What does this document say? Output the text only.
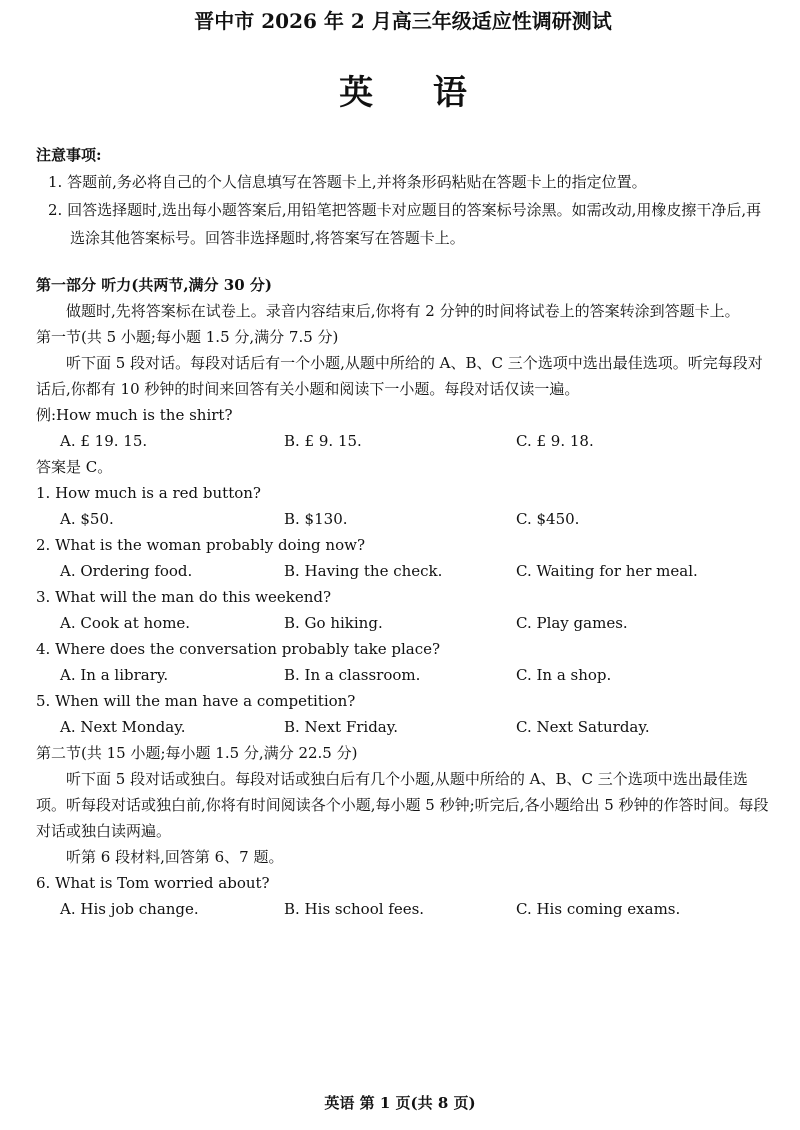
晋中市 2026 年 2 月高三年级适应性调研测试
英 语
注意事项:
1. 答题前,务必将自己的个人信息填写在答题卡上,并将条形码粘贴在答题卡上的指定位置。
2. 回答选择题时,选出每小题答案后,用铅笔把答题卡对应题目的答案标号涂黑。如需改动,用橡皮擦干净后,再选涂其他答案标号。回答非选择题时,将答案写在答题卡上。
第一部分 听力(共两节,满分 30 分)
做题时,先将答案标在试卷上。录音内容结束后,你将有 2 分钟的时间将试卷上的答案转涂到答题卡上。
第一节(共 5 小题;每小题 1.5 分,满分 7.5 分)
听下面 5 段对话。每段对话后有一个小题,从题中所给的 A、B、C 三个选项中选出最佳选项。听完每段对话后,你都有 10 秒钟的时间来回答有关小题和阅读下一小题。每段对话仅读一遍。
例:How much is the shirt?
A. £ 19. 15.	B. £ 9. 15.	C. £ 9. 18.
答案是 C。
1. How much is a red button?
A. $50.	B. $130.	C. $450.
2. What is the woman probably doing now?
A. Ordering food.	B. Having the check.	C. Waiting for her meal.
3. What will the man do this weekend?
A. Cook at home.	B. Go hiking.	C. Play games.
4. Where does the conversation probably take place?
A. In a library.	B. In a classroom.	C. In a shop.
5. When will the man have a competition?
A. Next Monday.	B. Next Friday.	C. Next Saturday.
第二节(共 15 小题;每小题 1.5 分,满分 22.5 分)
听下面 5 段对话或独白。每段对话或独白后有几个小题,从题中所给的 A、B、C 三个选项中选出最佳选项。听每段对话或独白前,你将有时间阅读各个小题,每小题 5 秒钟;听完后,各小题给出 5 秒钟的作答时间。每段对话或独白读两遍。
听第 6 段材料,回答第 6、7 题。
6. What is Tom worried about?
A. His job change.	B. His school fees.	C. His coming exams.
英语 第 1 页(共 8 页)
